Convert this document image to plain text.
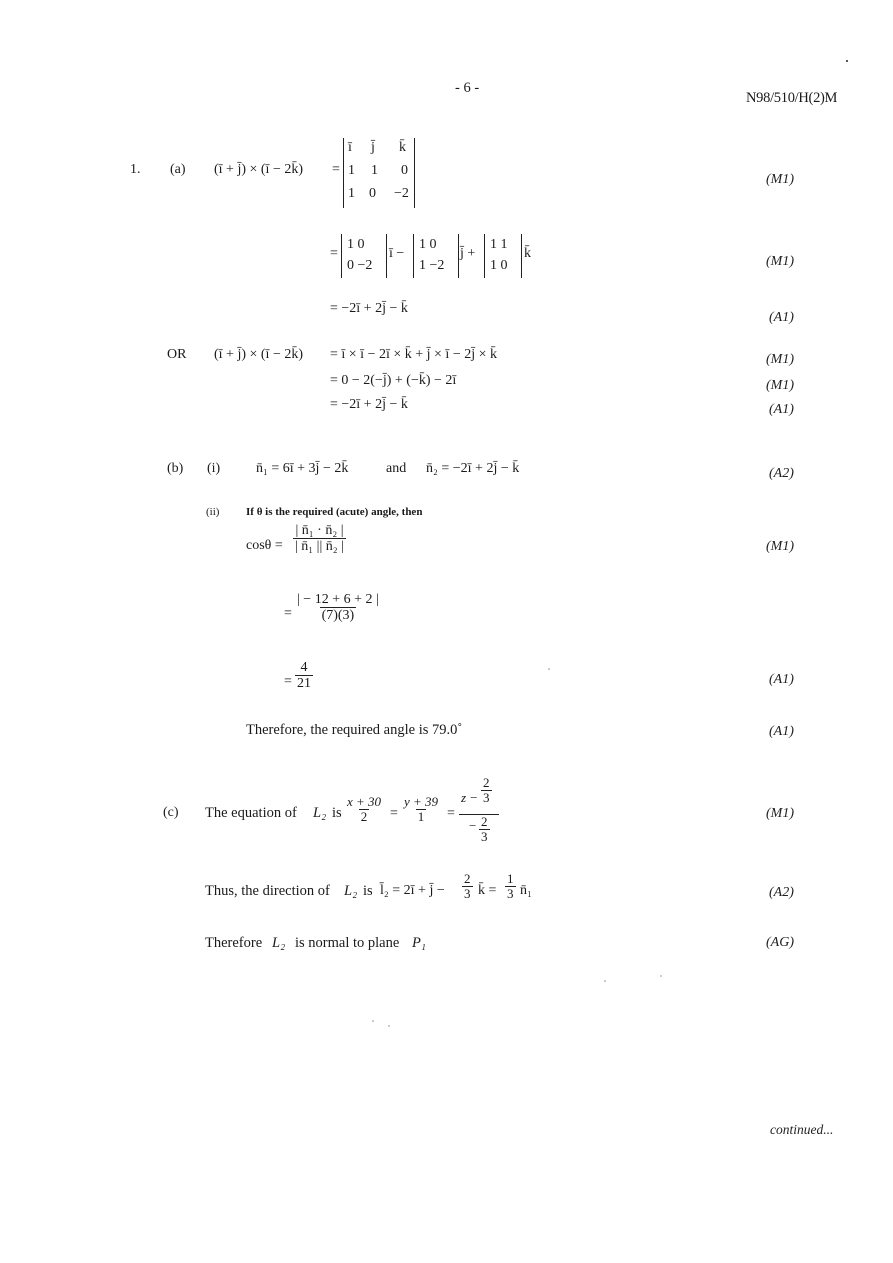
- 6 -
N98/510/H(2)M
1. (a) (ī + j̄) × (ī − 2k̄) =
ī j̄ k̄
1 1 0
1 0 −2
(M1)
=
1 0
0 −2
ī −
1 0
1 −2
j̄ +
1 1
1 0
k̄
(M1)
= −2ī + 2j̄ − k̄
(A1)
OR (ī + j̄) × (ī − 2k̄) = ī × ī − 2ī × k̄ + j̄ × ī − 2j̄ × k̄	(M1)
= 0 − 2(−j̄) + (−k̄) − 2ī	(M1)
= −2ī + 2j̄ − k̄	(A1)
(b) (i)	n̄₁ = 6ī + 3j̄ − 2k̄	and n̄₂ = −2ī + 2j̄ − k̄	(A2)
(ii) If θ is the required (acute) angle, then
$\cos\theta = \frac{\text{| n̄₁ · n̄₂ |}}{\text{| n̄₁ || n̄₂ |}}$	(M1)
= $\frac{| - 12 + 6 + 2 |}{(7)(3)}$
= $\frac{4}{21}$	(A1)
Therefore, the required angle is 79.0˚	(A1)
(c) The equation of L₂ is $\frac{x + 30}{2} = \frac{y + 39}{1}$ =
$z - \frac{2}{3}$
− $\frac{2}{3}$
(M1)
Thus, the direction of L₂ is l̄₂ = 2ī + j̄ − $\frac{2}{3}$ k̄ = $\frac{1}{3}$ n̄₁	(A2)
Therefore L₂ is normal to plane P₁	(AG)
continued...
